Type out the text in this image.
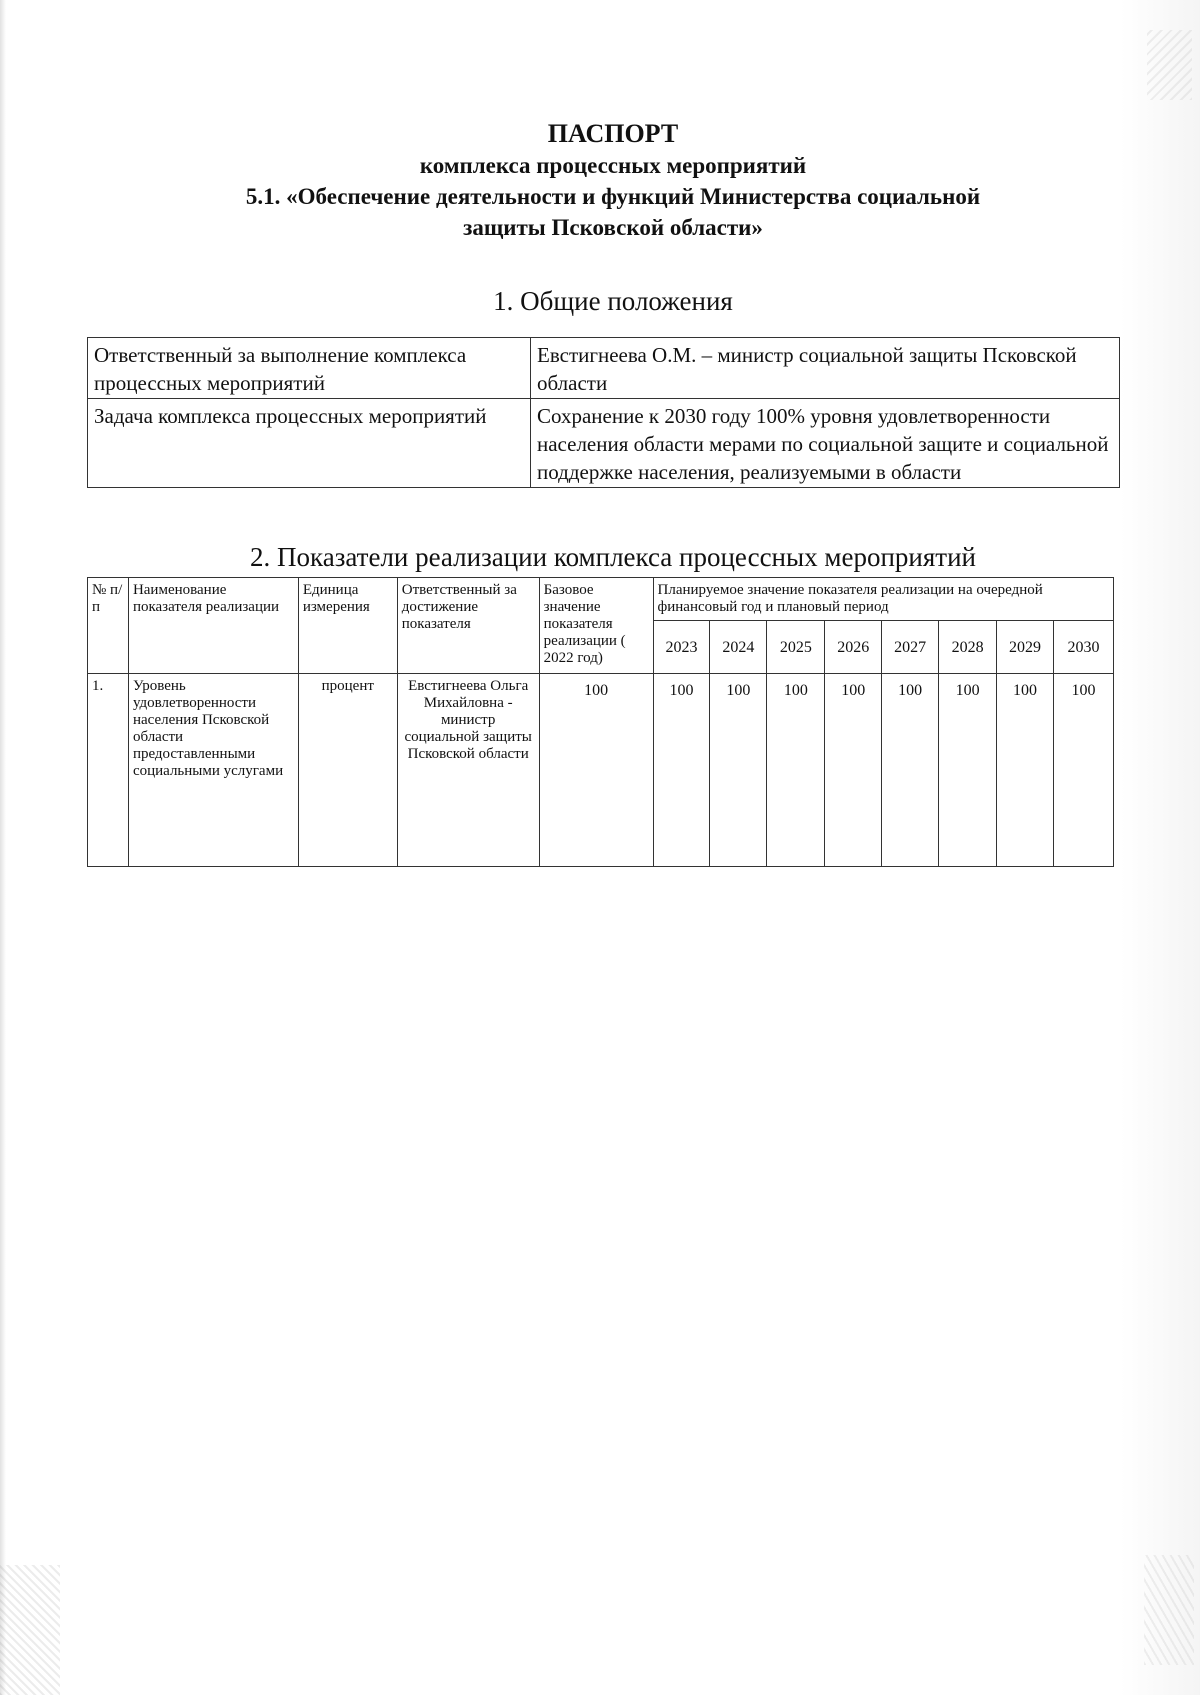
ПАСПОРТ
комплекса процессных мероприятий
5.1. «Обеспечение деятельности и функций Министерства социальной
защиты Псковской области»
1. Общие положения
Ответственный за выполнение комплекса процессных мероприятий	Евстигнеева О.М. – министр социальной защиты Псковской области
Задача комплекса процессных мероприятий	Сохранение к 2030 году 100% уровня удовлетворенности населения области мерами по социальной защите и социальной поддержке населения, реализуемыми в области
2. Показатели реализации комплекса процессных мероприятий
№ п/п	Наименование показателя реализации	Единица измерения	Ответственный за достижение показателя	Базовое значение показателя реализации ( 2022 год)	Планируемое значение показателя реализации на очередной финансовый год и плановый период							
					2023	2024	2025	2026	2027	2028	2029	2030
1.	Уровень удовлетворенности населения Псковской области предоставленными социальными услугами	процент	Евстигнеева Ольга Михайловна - министр социальной защиты Псковской области	100	100	100	100	100	100	100	100	100
